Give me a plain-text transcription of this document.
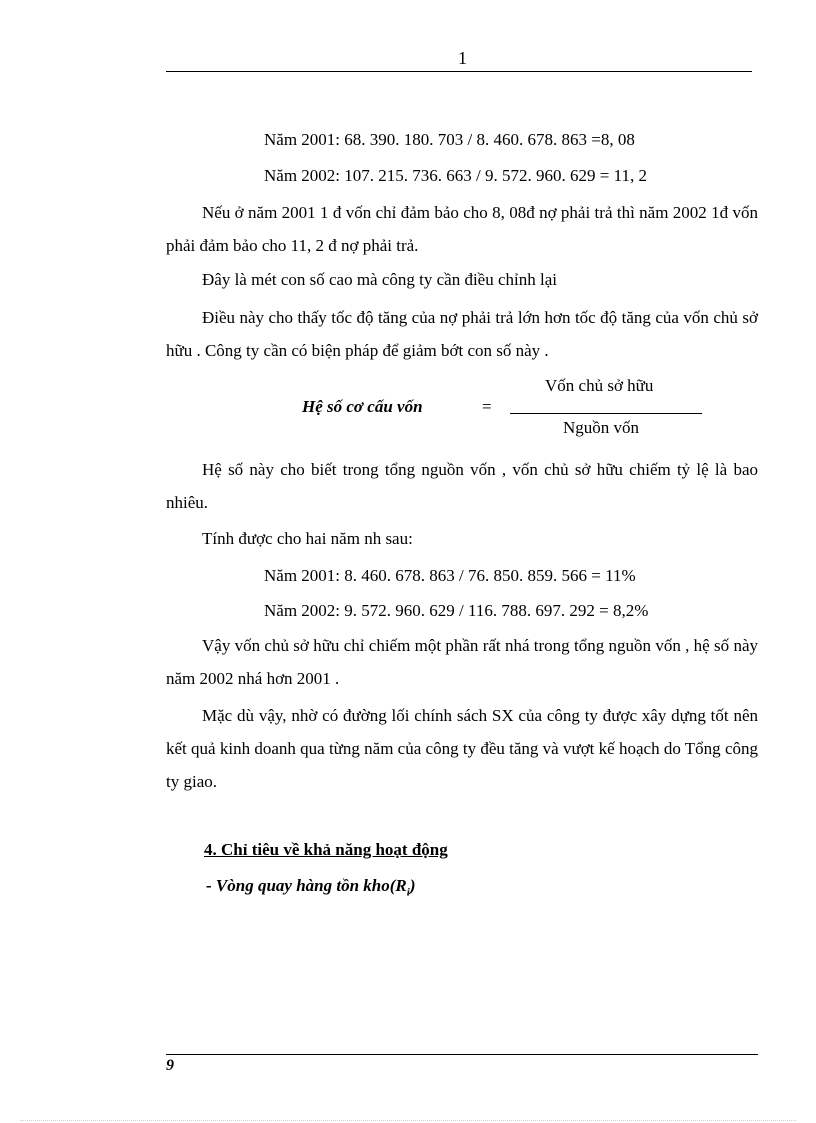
1
Năm 2001: 68. 390. 180. 703 / 8. 460. 678. 863 =8, 08
Năm 2002: 107. 215. 736. 663 / 9. 572. 960. 629 = 11, 2
Nếu ở năm 2001 1 đ vốn chỉ đảm bảo cho 8, 08đ nợ phải trả thì năm 2002 1đ vốn phải đảm bảo cho 11, 2 đ nợ phải trả.
Đây là mét con số cao mà công ty cần điều chỉnh lại
Điều này cho thấy tốc độ tăng của nợ phải trả lớn hơn tốc độ tăng của vốn chủ sở hữu . Công ty cần có biện pháp để giảm bớt con số này .
Hệ số cơ cấu vốn	=
Vốn chủ sở hữu
Nguồn vốn
Hệ số này cho biết trong tổng nguồn vốn , vốn chủ sở hữu chiếm tỷ lệ là bao nhiêu.
Tính được cho hai năm nh sau:
Năm 2001: 8. 460. 678. 863 / 76. 850. 859. 566 = 11%
Năm 2002: 9. 572. 960. 629 / 116. 788. 697. 292 = 8,2%
Vậy vốn chủ sở hữu chỉ chiếm một phần rất nhá trong tổng nguồn vốn , hệ số này năm 2002 nhá hơn 2001 .
Mặc dù vậy, nhờ có đường lối chính sách SX của công ty được xây dựng tốt nên kết quả kinh doanh qua từng năm của công ty đều tăng và vượt kế hoạch do Tổng công ty giao.
4. Chỉ tiêu về khả năng hoạt động
- Vòng quay hàng tồn $kho(R_i)$
9
